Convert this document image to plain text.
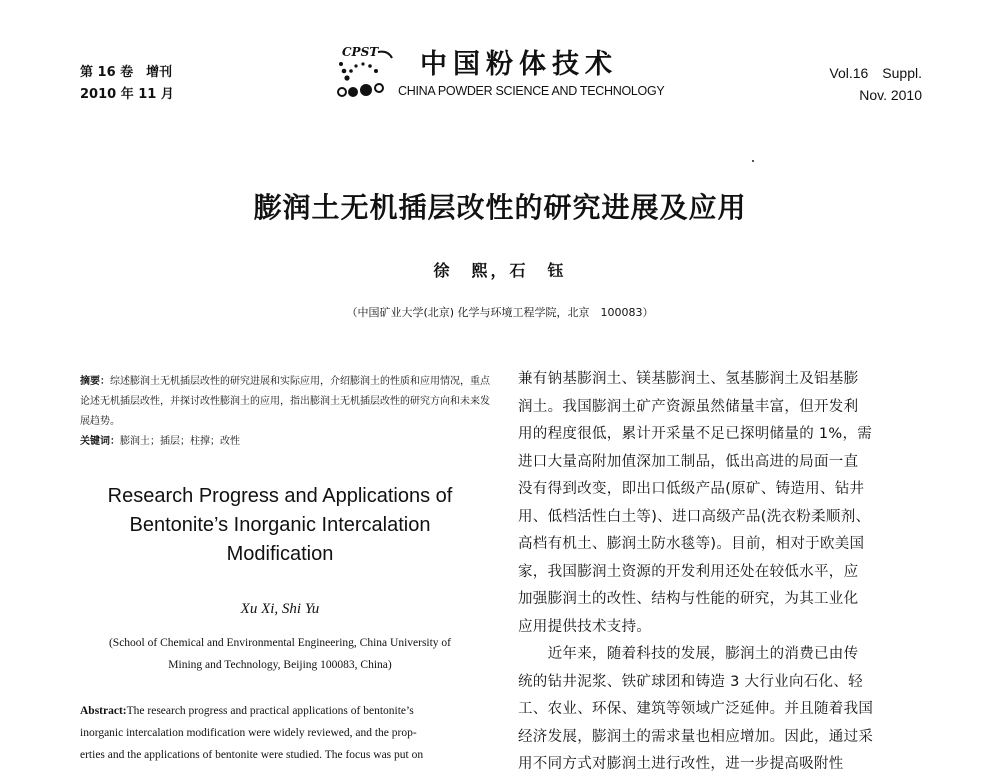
第 16 卷　增刊
2010 年 11 月
CPST 中国粉体技术
CHINA POWDER SCIENCE AND TECHNOLOGY
Vol.16　Suppl.
Nov. 2010
膨润土无机插层改性的研究进展及应用
徐　熙，石　钰
（中国矿业大学(北京) 化学与环境工程学院，北京　100083）
摘要：综述膨润土无机插层改性的研究进展和实际应用，介绍膨润土的性质和应用情况，重点论述无机插层改性，并探讨改性膨润土的应用，指出膨润土无机插层改性的研究方向和未来发展趋势。
关键词：膨润土；插层；柱撑；改性
Research Progress and Applications of
Bentonite’s Inorganic Intercalation
Modification
Xu Xi, Shi Yu
(School of Chemical and Environmental Engineering, China University of
Mining and Technology, Beijing 100083, China)
Abstract:The research progress and practical applications of bentonite’s
inorganic intercalation modification were widely reviewed, and the prop-
erties and the applications of bentonite were studied. The focus was put on
兼有钠基膨润土、镁基膨润土、氢基膨润土及铝基膨
润土。我国膨润土矿产资源虽然储量丰富，但开发利
用的程度很低，累计开采量不足已探明储量的 1%，需
进口大量高附加值深加工制品，低出高进的局面一直
没有得到改变，即出口低级产品(原矿、铸造用、钻井
用、低档活性白土等)、进口高级产品(洗衣粉柔顺剂、
高档有机土、膨润土防水毯等)。目前，相对于欧美国
家，我国膨润土资源的开发利用还处在较低水平，应
加强膨润土的改性、结构与性能的研究，为其工业化
应用提供技术支持。
　　近年来，随着科技的发展，膨润土的消费已由传
统的钻井泥浆、铁矿球团和铸造 3 大行业向石化、轻
工、农业、环保、建筑等领域广泛延伸。并且随着我国
经济发展，膨润土的需求量也相应增加。因此，通过采
用不同方式对膨润土进行改性，进一步提高吸附性
